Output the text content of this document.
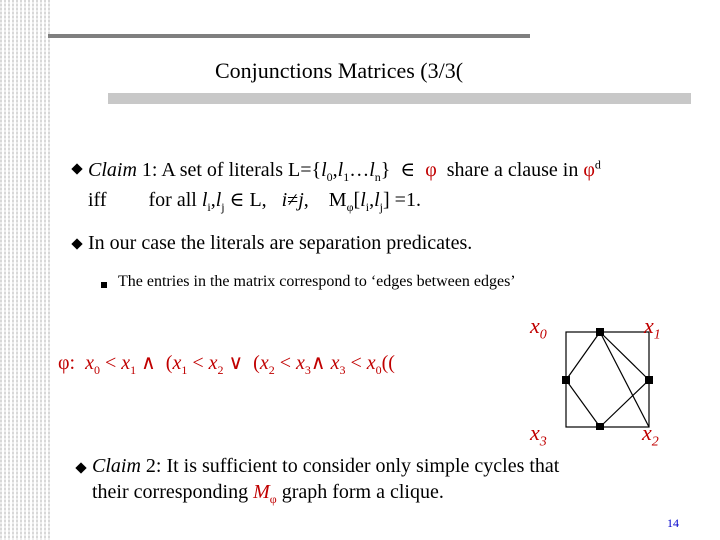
Conjunctions Matrices (3/3(
Claim 1: A set of literals $L=\{l_0,l_1\dots l_n\}$  ∈  φ  share a clause in $\varphi^d$
iff for all $l_i,l_j$ ∈ L,   i≠j,    $M_\varphi[l_i,l_j] =1$.
In our case the literals are separation predicates.
The entries in the matrix correspond to ‘edges between edges’
φ:  $x_0 < x_1$ ∧  ($x_1 < x_2$ ∨  ($x_2$ < $x_3\wedge$ $x_3 < x_0$((
$x_0$	$x_1$
$x_3$	$x_2$
Claim 2: It is sufficient to consider only simple cycles that
their corresponding $M_\varphi$ graph form a clique.
14
